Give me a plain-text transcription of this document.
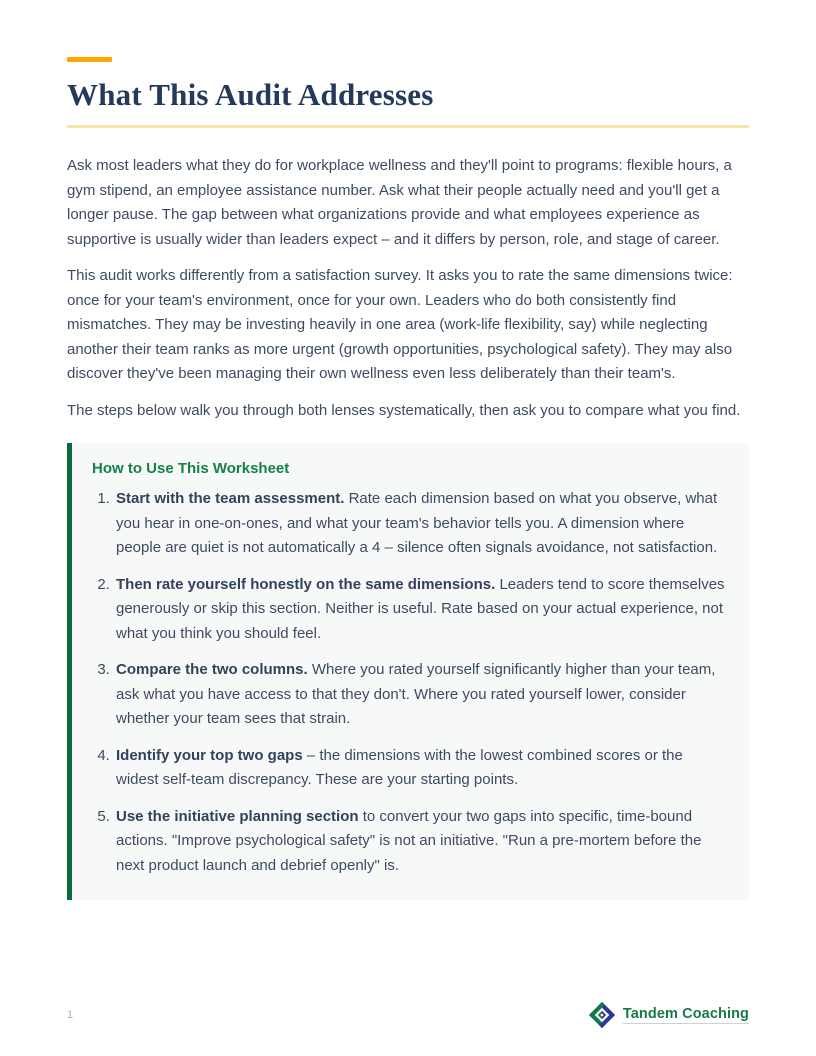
What This Audit Addresses

Ask most leaders what they do for workplace wellness and they'll point to programs: flexible hours, a gym stipend, an employee assistance number. Ask what their people actually need and you'll get a longer pause. The gap between what organizations provide and what employees experience as supportive is usually wider than leaders expect – and it differs by person, role, and stage of career.

This audit works differently from a satisfaction survey. It asks you to rate the same dimensions twice: once for your team's environment, once for your own. Leaders who do both consistently find mismatches. They may be investing heavily in one area (work-life flexibility, say) while neglecting another their team ranks as more urgent (growth opportunities, psychological safety). They may also discover they've been managing their own wellness even less deliberately than their team's.

The steps below walk you through both lenses systematically, then ask you to compare what you find.

How to Use This Worksheet
1. Start with the team assessment. Rate each dimension based on what you observe, what you hear in one-on-ones, and what your team's behavior tells you. A dimension where people are quiet is not automatically a 4 – silence often signals avoidance, not satisfaction.
2. Then rate yourself honestly on the same dimensions. Leaders tend to score themselves generously or skip this section. Neither is useful. Rate based on your actual experience, not what you think you should feel.
3. Compare the two columns. Where you rated yourself significantly higher than your team, ask what you have access to that they don't. Where you rated yourself lower, consider whether your team sees that strain.
4. Identify your top two gaps – the dimensions with the lowest combined scores or the widest self-team discrepancy. These are your starting points.
5. Use the initiative planning section to convert your two gaps into specific, time-bound actions. "Improve psychological safety" is not an initiative. "Run a pre-mortem before the next product launch and debrief openly" is.
1	Tandem Coaching
